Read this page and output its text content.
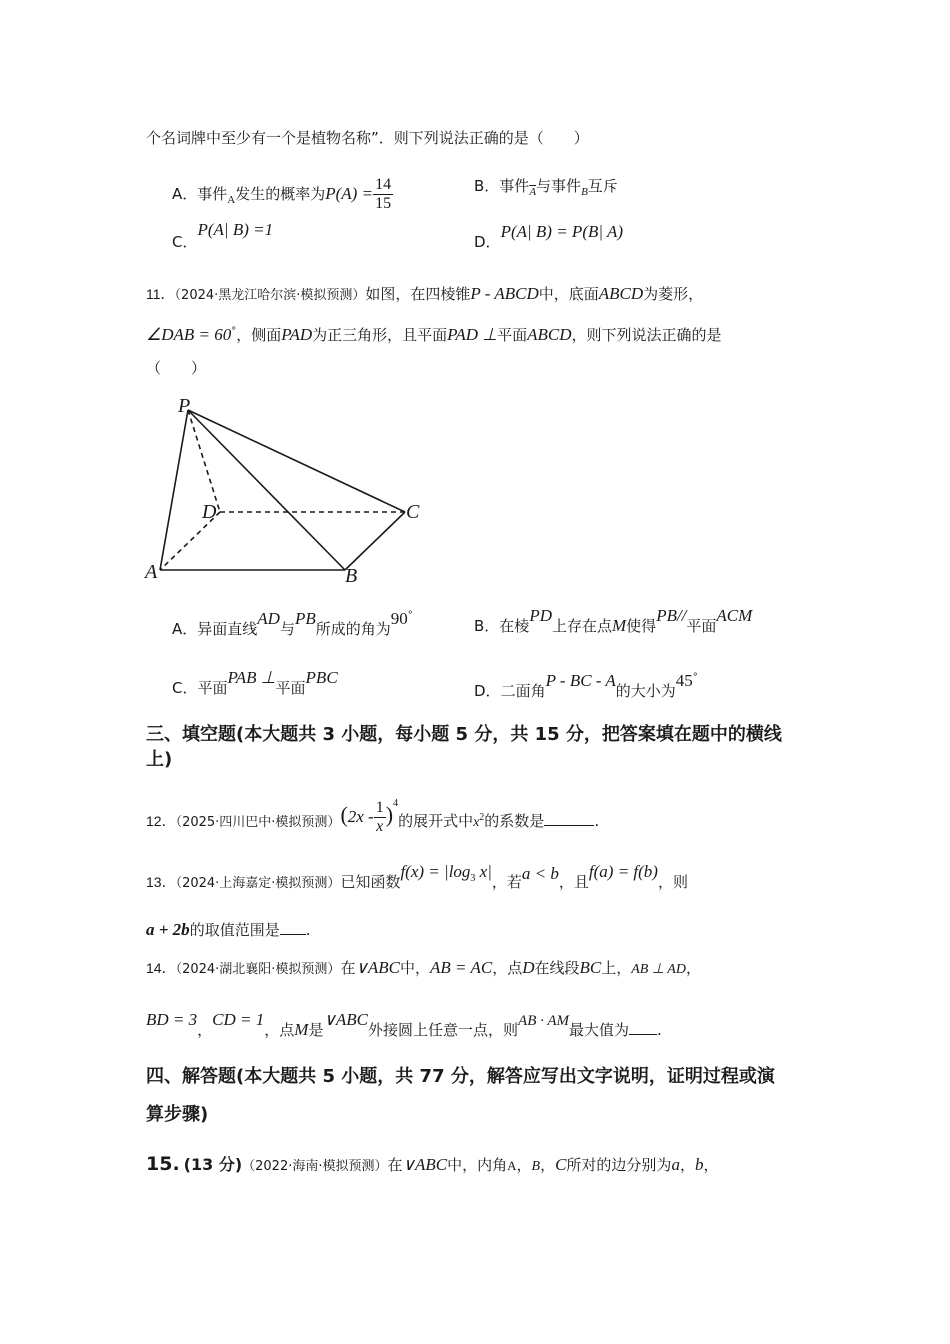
个名词牌中至少有一个是植物名称”．则下列说法正确的是（　　）
A．事件$_A$发生的概率为$P(A) = \frac{14}{15}$	B．事件$_{\overline{A}}$与事件$_B$互斥
C．P(A| B) =1
D．P(A| B) = P(B| A)
11．（2024·黑龙江哈尔滨·模拟预测）如图，在四棱锥P - ABCD中，底面ABCD为菱形，
∠DAB = 60°，侧面PAD为正三角形，且平面PAD ⊥平面ABCD，则下列说法正确的是
（　　）
P
D	C
A	B
A．异面直线AD与PB所成的角为90°
B．在棱PD上存在点M使得PB//平面ACM
C．平面PAB ⊥平面PBC
D．二面角P - BC - A的大小为45°
三、填空题(本大题共 3 小题，每小题 5 分，共 15 分，把答案填在题中的横线
上)
12．（2025·四川巴中·模拟预测）$(2x - \frac{1}{x} )^4$的展开式中$x^2$的系数是	.
13．（2024·上海嘉定·模拟预测）已知函数$f(x) = |\log^3$ x|，若a < b，且f(a) = f(b)，则
a + 2b的取值范围是 .
14．（2024·湖北襄阳·模拟预测）在∨ABC中，AB = AC，点D在线段BC上，AB ⊥ AD，
BD = 3，CD = 1，点M是∨ABC外接圆上任意一点，则AB · AM最大值为 .
四、解答题(本大题共 5 小题，共 77 分，解答应写出文字说明，证明过程或演
算步骤)
15. (13 分)（2022·海南·模拟预测）在∨ABC中，内角A，B，C所对的边分别为a，b，
